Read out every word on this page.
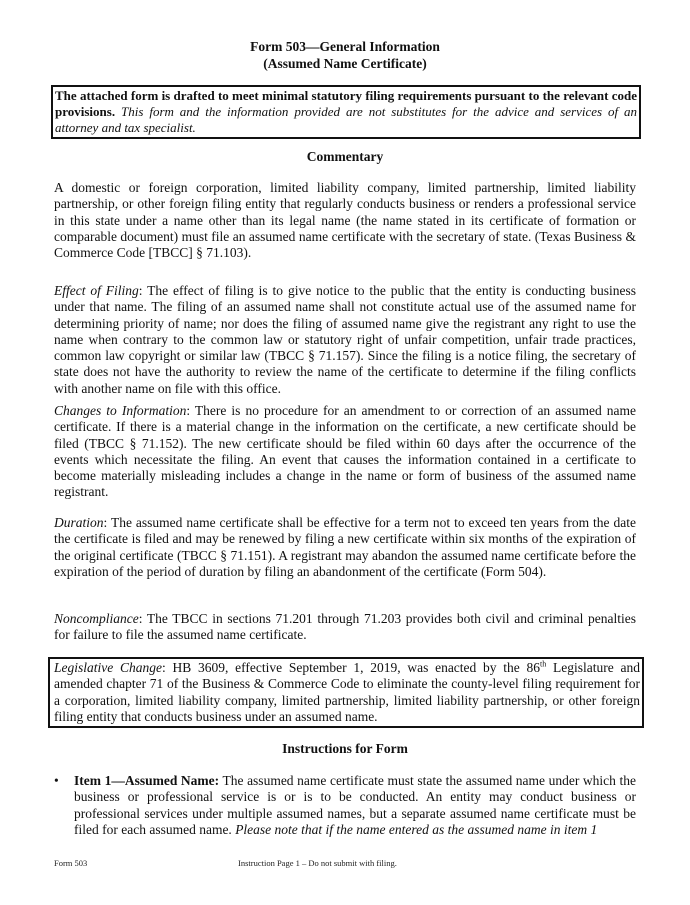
Form 503—General Information
(Assumed Name Certificate)
The attached form is drafted to meet minimal statutory filing requirements pursuant to the relevant code provisions. This form and the information provided are not substitutes for the advice and services of an attorney and tax specialist.
Commentary
A domestic or foreign corporation, limited liability company, limited partnership, limited liability partnership, or other foreign filing entity that regularly conducts business or renders a professional service in this state under a name other than its legal name (the name stated in its certificate of formation or comparable document) must file an assumed name certificate with the secretary of state. (Texas Business & Commerce Code [TBCC] § 71.103).
Effect of Filing: The effect of filing is to give notice to the public that the entity is conducting business under that name. The filing of an assumed name shall not constitute actual use of the assumed name for determining priority of name; nor does the filing of assumed name give the registrant any right to use the name when contrary to the common law or statutory right of unfair competition, unfair trade practices, common law copyright or similar law (TBCC § 71.157). Since the filing is a notice filing, the secretary of state does not have the authority to review the name of the certificate to determine if the filing conflicts with another name on file with this office.
Changes to Information: There is no procedure for an amendment to or correction of an assumed name certificate. If there is a material change in the information on the certificate, a new certificate should be filed (TBCC § 71.152). The new certificate should be filed within 60 days after the occurrence of the events which necessitate the filing. An event that causes the information contained in a certificate to become materially misleading includes a change in the name or form of business of the assumed name registrant.
Duration: The assumed name certificate shall be effective for a term not to exceed ten years from the date the certificate is filed and may be renewed by filing a new certificate within six months of the expiration of the original certificate (TBCC § 71.151). A registrant may abandon the assumed name certificate before the expiration of the period of duration by filing an abandonment of the certificate (Form 504).
Noncompliance: The TBCC in sections 71.201 through 71.203 provides both civil and criminal penalties for failure to file the assumed name certificate.
Legislative Change: HB 3609, effective September 1, 2019, was enacted by the 86th Legislature and amended chapter 71 of the Business & Commerce Code to eliminate the county-level filing requirement for a corporation, limited liability company, limited partnership, limited liability partnership, or other foreign filing entity that conducts business under an assumed name.
Instructions for Form
•	Item 1—Assumed Name: The assumed name certificate must state the assumed name under which the business or professional service is or is to be conducted. An entity may conduct business or professional services under multiple assumed names, but a separate assumed name certificate must be filed for each assumed name. Please note that if the name entered as the assumed name in item 1
Form 503	Instruction Page 1 – Do not submit with filing.
